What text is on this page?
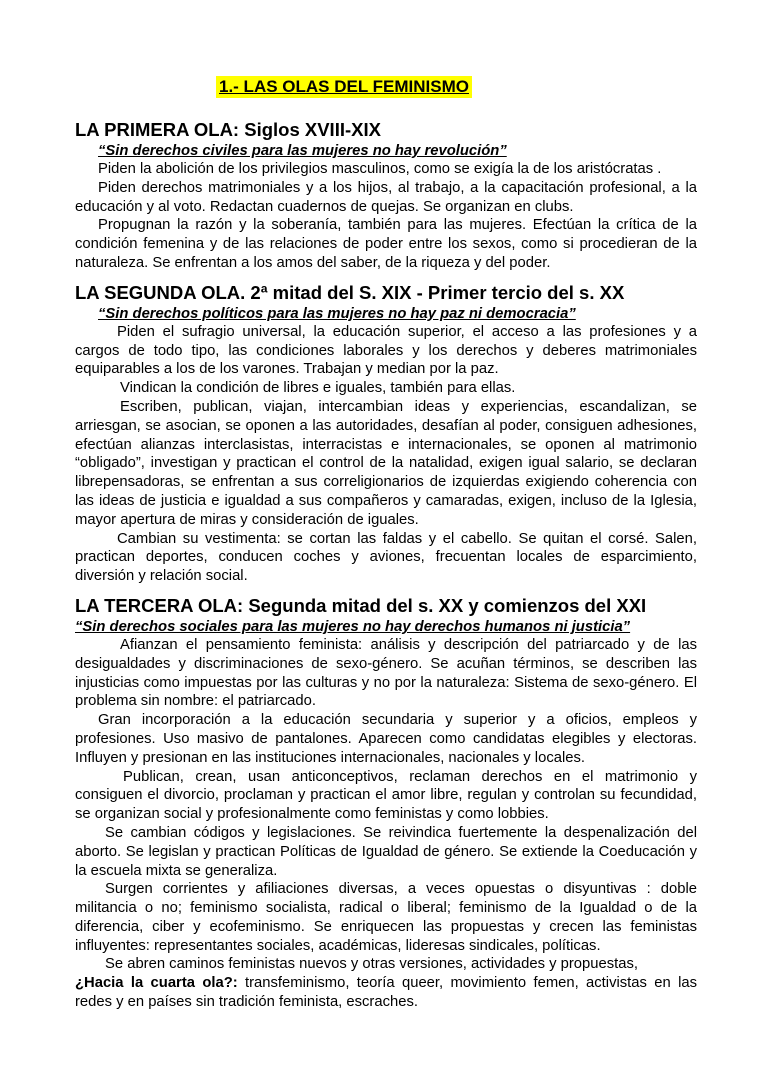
1.- LAS OLAS DEL FEMINISMO

LA PRIMERA OLA: Siglos XVIII-XIX

“Sin derechos civiles para las mujeres no hay revolución”

Piden la abolición de los privilegios masculinos, como se exigía la de los aristócratas .

Piden derechos matrimoniales y a los hijos, al trabajo, a la capacitación profesional, a la educación y al voto. Redactan cuadernos de quejas. Se organizan en clubs.

Propugnan la razón y la soberanía, también para las mujeres. Efectúan la crítica de la condición femenina y de las relaciones de poder entre los sexos, como si procedieran de la naturaleza. Se enfrentan a los amos del saber, de la riqueza y del poder.

LA SEGUNDA OLA. 2ª mitad del S. XIX - Primer tercio del s. XX

“Sin derechos políticos para las mujeres no hay paz ni democracia”

Piden el sufragio universal, la educación superior, el acceso a las profesiones y a cargos de todo tipo, las condiciones laborales y los derechos y deberes matrimoniales equiparables a los de los varones. Trabajan y median por la paz.

Vindican la condición de libres e iguales, también para ellas.

Escriben, publican, viajan, intercambian ideas y experiencias, escandalizan, se arriesgan, se asocian, se oponen a las autoridades, desafían al poder, consiguen adhesiones, efectúan alianzas interclasistas, interracistas e internacionales, se oponen al matrimonio “obligado”, investigan y practican el control de la natalidad, exigen igual salario, se declaran librepensadoras, se enfrentan a sus correligionarios de izquierdas exigiendo coherencia con las ideas de justicia e igualdad a sus compañeros y camaradas, exigen, incluso de la Iglesia, mayor apertura de miras y consideración de iguales.

Cambian su vestimenta: se cortan las faldas y el cabello. Se quitan el corsé. Salen, practican deportes, conducen coches y aviones, frecuentan locales de esparcimiento, diversión y relación social.

LA TERCERA OLA: Segunda mitad del s. XX y comienzos del XXI

“Sin derechos sociales para las mujeres no hay derechos humanos ni justicia”

Afianzan el pensamiento feminista: análisis y descripción del patriarcado y de las desigualdades y discriminaciones de sexo-género. Se acuñan términos, se describen las injusticias como impuestas por las culturas y no por la naturaleza: Sistema de sexo-género. El problema sin nombre: el patriarcado.

Gran incorporación a la educación secundaria y superior y a oficios, empleos y profesiones. Uso masivo de pantalones. Aparecen como candidatas elegibles y electoras. Influyen y presionan en las instituciones internacionales, nacionales y locales.

Publican, crean, usan anticonceptivos, reclaman derechos en el matrimonio y consiguen el divorcio, proclaman y practican el amor libre, regulan y controlan su fecundidad, se organizan social y profesionalmente como feministas y como lobbies.

Se cambian códigos y legislaciones. Se reivindica fuertemente la despenalización del aborto. Se legislan y practican Políticas de Igualdad de género. Se extiende la Coeducación y la escuela mixta se generaliza.

Surgen corrientes y afiliaciones diversas, a veces opuestas o disyuntivas : doble militancia o no; feminismo socialista, radical o liberal; feminismo de la Igualdad o de la diferencia, ciber y ecofeminismo. Se enriquecen las propuestas y crecen las feministas influyentes: representantes sociales, académicas, lideresas sindicales, políticas.

Se abren caminos feministas nuevos y otras versiones, actividades y propuestas,

¿Hacia la cuarta ola?: transfeminismo, teoría queer, movimiento femen, activistas en las redes y en países sin tradición feminista, escraches.
